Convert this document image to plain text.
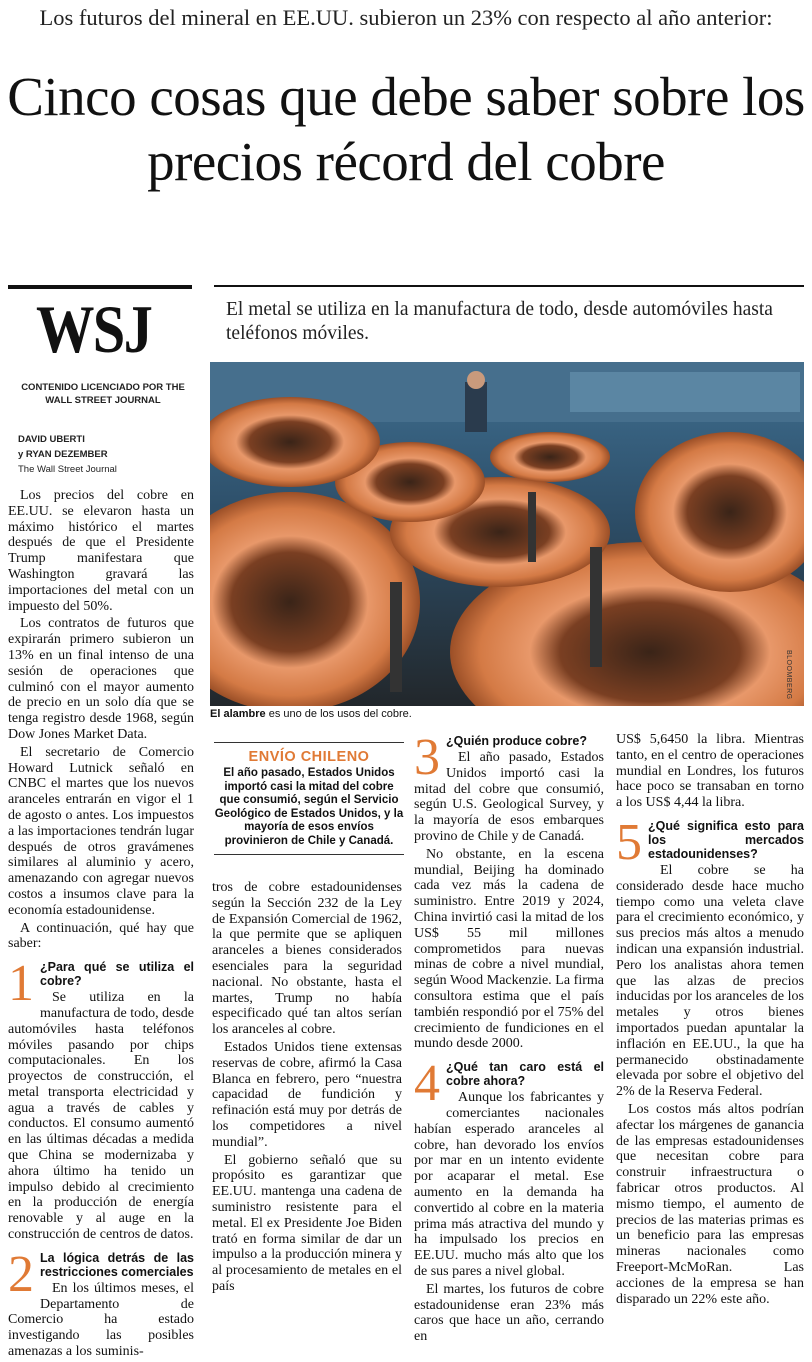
Los futuros del mineral en EE.UU. subieron un 23% con respecto al año anterior:
Cinco cosas que debe saber sobre los precios récord del cobre
WSJ
CONTENIDO LICENCIADO POR THE WALL STREET JOURNAL
DAVID UBERTI
y RYAN DEZEMBER
The Wall Street Journal
El metal se utiliza en la manufactura de todo, desde automóviles hasta teléfonos móviles.
El alambre es uno de los usos del cobre.
BLOOMBERG

Los precios del cobre en EE.UU. se elevaron hasta un máximo histórico el martes después de que el Presidente Trump manifestara que Washington gravará las importaciones del metal con un impuesto del 50%.

Los contratos de futuros que expirarán primero subieron un 13% en un final intenso de una sesión de operaciones que culminó con el mayor aumento de precio en un solo día que se tenga registro desde 1968, según Dow Jones Market Data.

El secretario de Comercio Howard Lutnick señaló en CNBC el martes que los nuevos aranceles entrarán en vigor el 1 de agosto o antes. Los impuestos a las importaciones tendrán lugar después de otros gravámenes similares al aluminio y acero, amenazando con agregar nuevos costos a insumos clave para la economía estadounidense.

A continuación, qué hay que saber:

1 ¿Para qué se utiliza el cobre?

Se utiliza en la manufactura de todo, desde automóviles hasta teléfonos móviles pasando por chips computacionales. En los proyectos de construcción, el metal transporta electricidad y agua a través de cables y conductos. El consumo aumentó en las últimas décadas a medida que China se modernizaba y ahora último ha tenido un impulso debido al crecimiento en la producción de energía renovable y al auge en la construcción de centros de datos.

2 La lógica detrás de las restricciones comerciales

En los últimos meses, el Departamento de Comercio ha estado investigando las posibles amenazas a los suminis-

ENVÍO CHILENO
El año pasado, Estados Unidos importó casi la mitad del cobre que consumió, según el Servicio Geológico de Estados Unidos, y la mayoría de esos envíos provinieron de Chile y Canadá.

tros de cobre estadounidenses según la Sección 232 de la Ley de Expansión Comercial de 1962, la que permite que se apliquen aranceles a bienes considerados esenciales para la seguridad nacional. No obstante, hasta el martes, Trump no había especificado qué tan altos serían los aranceles al cobre.

Estados Unidos tiene extensas reservas de cobre, afirmó la Casa Blanca en febrero, pero “nuestra capacidad de fundición y refinación está muy por detrás de los competidores a nivel mundial”.

El gobierno señaló que su propósito es garantizar que EE.UU. mantenga una cadena de suministro resistente para el metal. El ex Presidente Joe Biden trató en forma similar de dar un impulso a la producción minera y al procesamiento de metales en el país

3 ¿Quién produce cobre?

El año pasado, Estados Unidos importó casi la mitad del cobre que consumió, según U.S. Geological Survey, y la mayoría de esos embarques provino de Chile y de Canadá.

No obstante, en la escena mundial, Beijing ha dominado cada vez más la cadena de suministro. Entre 2019 y 2024, China invirtió casi la mitad de los US$ 55 mil millones comprometidos para nuevas minas de cobre a nivel mundial, según Wood Mackenzie. La firma consultora estima que el país también respondió por el 75% del crecimiento de fundiciones en el mundo desde 2000.

4 ¿Qué tan caro está el cobre ahora?

Aunque los fabricantes y comerciantes nacionales habían esperado aranceles al cobre, han devorado los envíos por mar en un intento evidente por acaparar el metal. Ese aumento en la demanda ha convertido al cobre en la materia prima más atractiva del mundo y ha impulsado los precios en EE.UU. mucho más alto que los de sus pares a nivel global.

El martes, los futuros de cobre estadounidense eran 23% más caros que hace un año, cerrando en

US$ 5,6450 la libra. Mientras tanto, en el centro de operaciones mundial en Londres, los futuros hace poco se transaban en torno a los US$ 4,44 la libra.

5 ¿Qué significa esto para los mercados estadounidenses?

El cobre se ha considerado desde hace mucho tiempo como una veleta clave para el crecimiento económico, y sus precios más altos a menudo indican una expansión industrial. Pero los analistas ahora temen que las alzas de precios inducidas por los aranceles de los metales y otros bienes importados puedan apuntalar la inflación en EE.UU., la que ha permanecido obstinadamente elevada por sobre el objetivo del 2% de la Reserva Federal.

Los costos más altos podrían afectar los márgenes de ganancia de las empresas estadounidenses que necesitan cobre para construir infraestructura o fabricar otros productos. Al mismo tiempo, el aumento de precios de las materias primas es un beneficio para las empresas mineras nacionales como Freeport-McMoRan. Las acciones de la empresa se han disparado un 22% este año.
